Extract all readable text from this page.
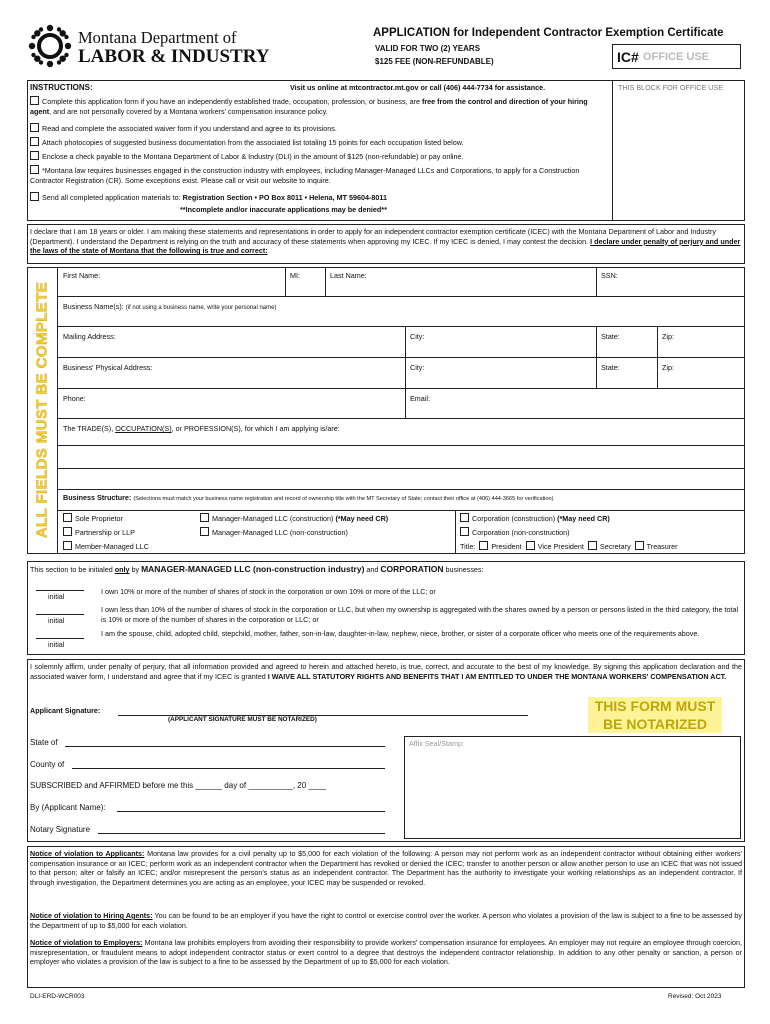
Montana Department of
LABOR & INDUSTRY
APPLICATION for Independent Contractor Exemption Certificate
VALID FOR TWO (2) YEARS
$125 FEE (NON-REFUNDABLE)	IC# OFFICE USE
INSTRUCTIONS:	Visit us online at mtcontractor.mt.gov or call (406) 444-7734 for assistance.	THIS BLOCK FOR OFFICE USE
Complete this application form if you have an independently established trade, occupation, profession, or business, are free from the control and direction of your hiring agent, and are not personally covered by a Montana workers' compensation insurance policy.
Read and complete the associated waiver form if you understand and agree to its provisions.
Attach photocopies of suggested business documentation from the associated list totaling 15 points for each occupation listed below.
Enclose a check payable to the Montana Department of Labor & Industry (DLI) in the amount of $125 (non-refundable) or pay online.
*Montana law requires businesses engaged in the construction industry with employees, including Manager-Managed LLCs and Corporations, to apply for a Construction Contractor Registration (CR). Some exceptions exist. Please call or visit our website to inquire.
Send all completed application materials to: Registration Section • PO Box 8011 • Helena, MT 59604-8011
**Incomplete and/or inaccurate applications may be denied**
I declare that I am 18 years or older. I am making these statements and representations in order to apply for an independent contractor exemption certificate (ICEC) with the Montana Department of Labor and Industry (Department). I understand the Department is relying on the truth and accuracy of these statements when approving my ICEC. If my ICEC is denied, I may contest the decision. I declare under penalty of perjury and under the laws of the state of Montana that the following is true and correct:
ALL FIELDS MUST BE COMPLETE
First Name:	MI:	Last Name:	SSN:
Business Name(s): (if not using a business name, write your personal name)
Mailing Address:	City:	State:	Zip:
Business' Physical Address:	City:	State:	Zip:
Phone:	Email:
The TRADE(S), OCCUPATION(S), or PROFESSION(S), for which I am applying is/are:
Business Structure: (Selections must match your business name registration and record of ownership title with the MT Secretary of State; contact their office at (406) 444-3665 for verification)
Sole Proprietor
Partnership or LLP
Member-Managed LLC
Manager-Managed LLC (construction) (*May need CR)
Manager-Managed LLC (non-construction)
Corporation (construction) (*May need CR)
Corporation (non-construction)
Title: President Vice President Secretary Treasurer
This section to be initialed only by MANAGER-MANAGED LLC (non-construction industry) and CORPORATION businesses:
initial
I own 10% or more of the number of shares of stock in the corporation or own 10% or more of the LLC; or
initial
I own less than 10% of the number of shares of stock in the corporation or LLC, but when my ownership is aggregated with the shares owned by a person or persons listed in the third category, the total is 10% or more of the number of shares in the corporation or LLC; or
initial
I am the spouse, child, adopted child, stepchild, mother, father, son-in-law, daughter-in-law, nephew, niece, brother, or sister of a corporate officer who meets one of the requirements above.
I solemnly affirm, under penalty of perjury, that all information provided and agreed to herein and attached hereto, is true, correct, and accurate to the best of my knowledge. By signing this application declaration and the associated waiver form, I understand and agree that if my ICEC is granted I WAIVE ALL STATUTORY RIGHTS AND BENEFITS THAT I AM ENTITLED TO UNDER THE MONTANA WORKERS' COMPENSATION ACT.
Applicant Signature:
(APPLICANT SIGNATURE MUST BE NOTARIZED)
THIS FORM MUST
BE NOTARIZED
State of
County of
SUBSCRIBED and AFFIRMED before me this ______ day of __________, 20 ____
By (Applicant Name):
Notary Signature
Affix Seal/Stamp:
Notice of violation to Applicants: Montana law provides for a civil penalty up to $5,000 for each violation of the following: A person may not perform work as an independent contractor without obtaining either workers' compensation insurance or an ICEC; perform work as an independent contractor when the Department has revoked or denied the ICEC; transfer to another person or allow another person to use an ICEC that was not issued to that person; alter or falsify an ICEC; and/or misrepresent the person's status as an independent contractor. The Department has the authority to investigate your working relationships as an independent contractor. If through investigation, the Department determines you are acting as an employee, your ICEC may be suspended or revoked.
Notice of violation to Hiring Agents: You can be found to be an employer if you have the right to control or exercise control over the worker. A person who violates a provision of the law is subject to a fine to be assessed by the Department of up to $5,000 for each violation.
Notice of violation to Employers: Montana law prohibits employers from avoiding their responsibility to provide workers' compensation insurance for employees. An employer may not require an employee through coercion, misrepresentation, or fraudulent means to adopt independent contractor status or exert control to a degree that destroys the independent contractor relationship. In addition to any other penalty or sanction, a person or employer who violates a provision of the law is subject to a fine to be assessed by the Department of up to $5,000 for each violation.
DLI-ERD-WCR003	Revised: Oct 2023
